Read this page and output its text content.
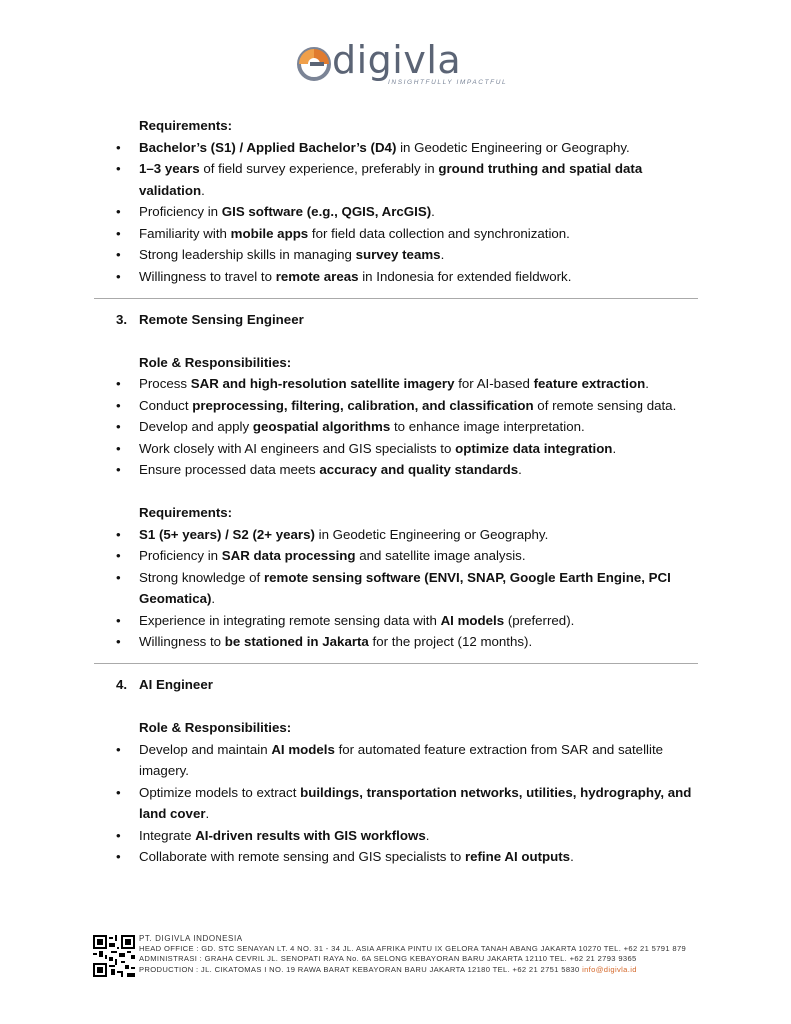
digivla
INSIGHTFULLY IMPACTFUL
Requirements:
• Bachelor’s (S1) / Applied Bachelor’s (D4) in Geodetic Engineering or Geography.
• 1–3 years of field survey experience, preferably in ground truthing and spatial data validation.
• Proficiency in GIS software (e.g., QGIS, ArcGIS).
• Familiarity with mobile apps for field data collection and synchronization.
• Strong leadership skills in managing survey teams.
• Willingness to travel to remote areas in Indonesia for extended fieldwork.
3. Remote Sensing Engineer
Role & Responsibilities:
• Process SAR and high-resolution satellite imagery for AI-based feature extraction.
• Conduct preprocessing, filtering, calibration, and classification of remote sensing data.
• Develop and apply geospatial algorithms to enhance image interpretation.
• Work closely with AI engineers and GIS specialists to optimize data integration.
• Ensure processed data meets accuracy and quality standards.
Requirements:
• S1 (5+ years) / S2 (2+ years) in Geodetic Engineering or Geography.
• Proficiency in SAR data processing and satellite image analysis.
• Strong knowledge of remote sensing software (ENVI, SNAP, Google Earth Engine, PCI Geomatica).
• Experience in integrating remote sensing data with AI models (preferred).
• Willingness to be stationed in Jakarta for the project (12 months).
4. AI Engineer
Role & Responsibilities:
• Develop and maintain AI models for automated feature extraction from SAR and satellite imagery.
• Optimize models to extract buildings, transportation networks, utilities, hydrography, and land cover.
• Integrate AI-driven results with GIS workflows.
• Collaborate with remote sensing and GIS specialists to refine AI outputs.
PT. DIGIVLA INDONESIA
HEAD OFFICE : GD. STC SENAYAN LT. 4 NO. 31 - 34 JL. ASIA AFRIKA PINTU IX GELORA TANAH ABANG JAKARTA 10270 TEL. +62 21 5791 879
ADMINISTRASI : GRAHA CEVRIL JL. SENOPATI RAYA No. 6A SELONG KEBAYORAN BARU JAKARTA 12110 TEL. +62 21 2793 9365
PRODUCTION : JL. CIKATOMAS I NO. 19 RAWA BARAT KEBAYORAN BARU JAKARTA 12180 TEL. +62 21 2751 5830 info@digivla.id
